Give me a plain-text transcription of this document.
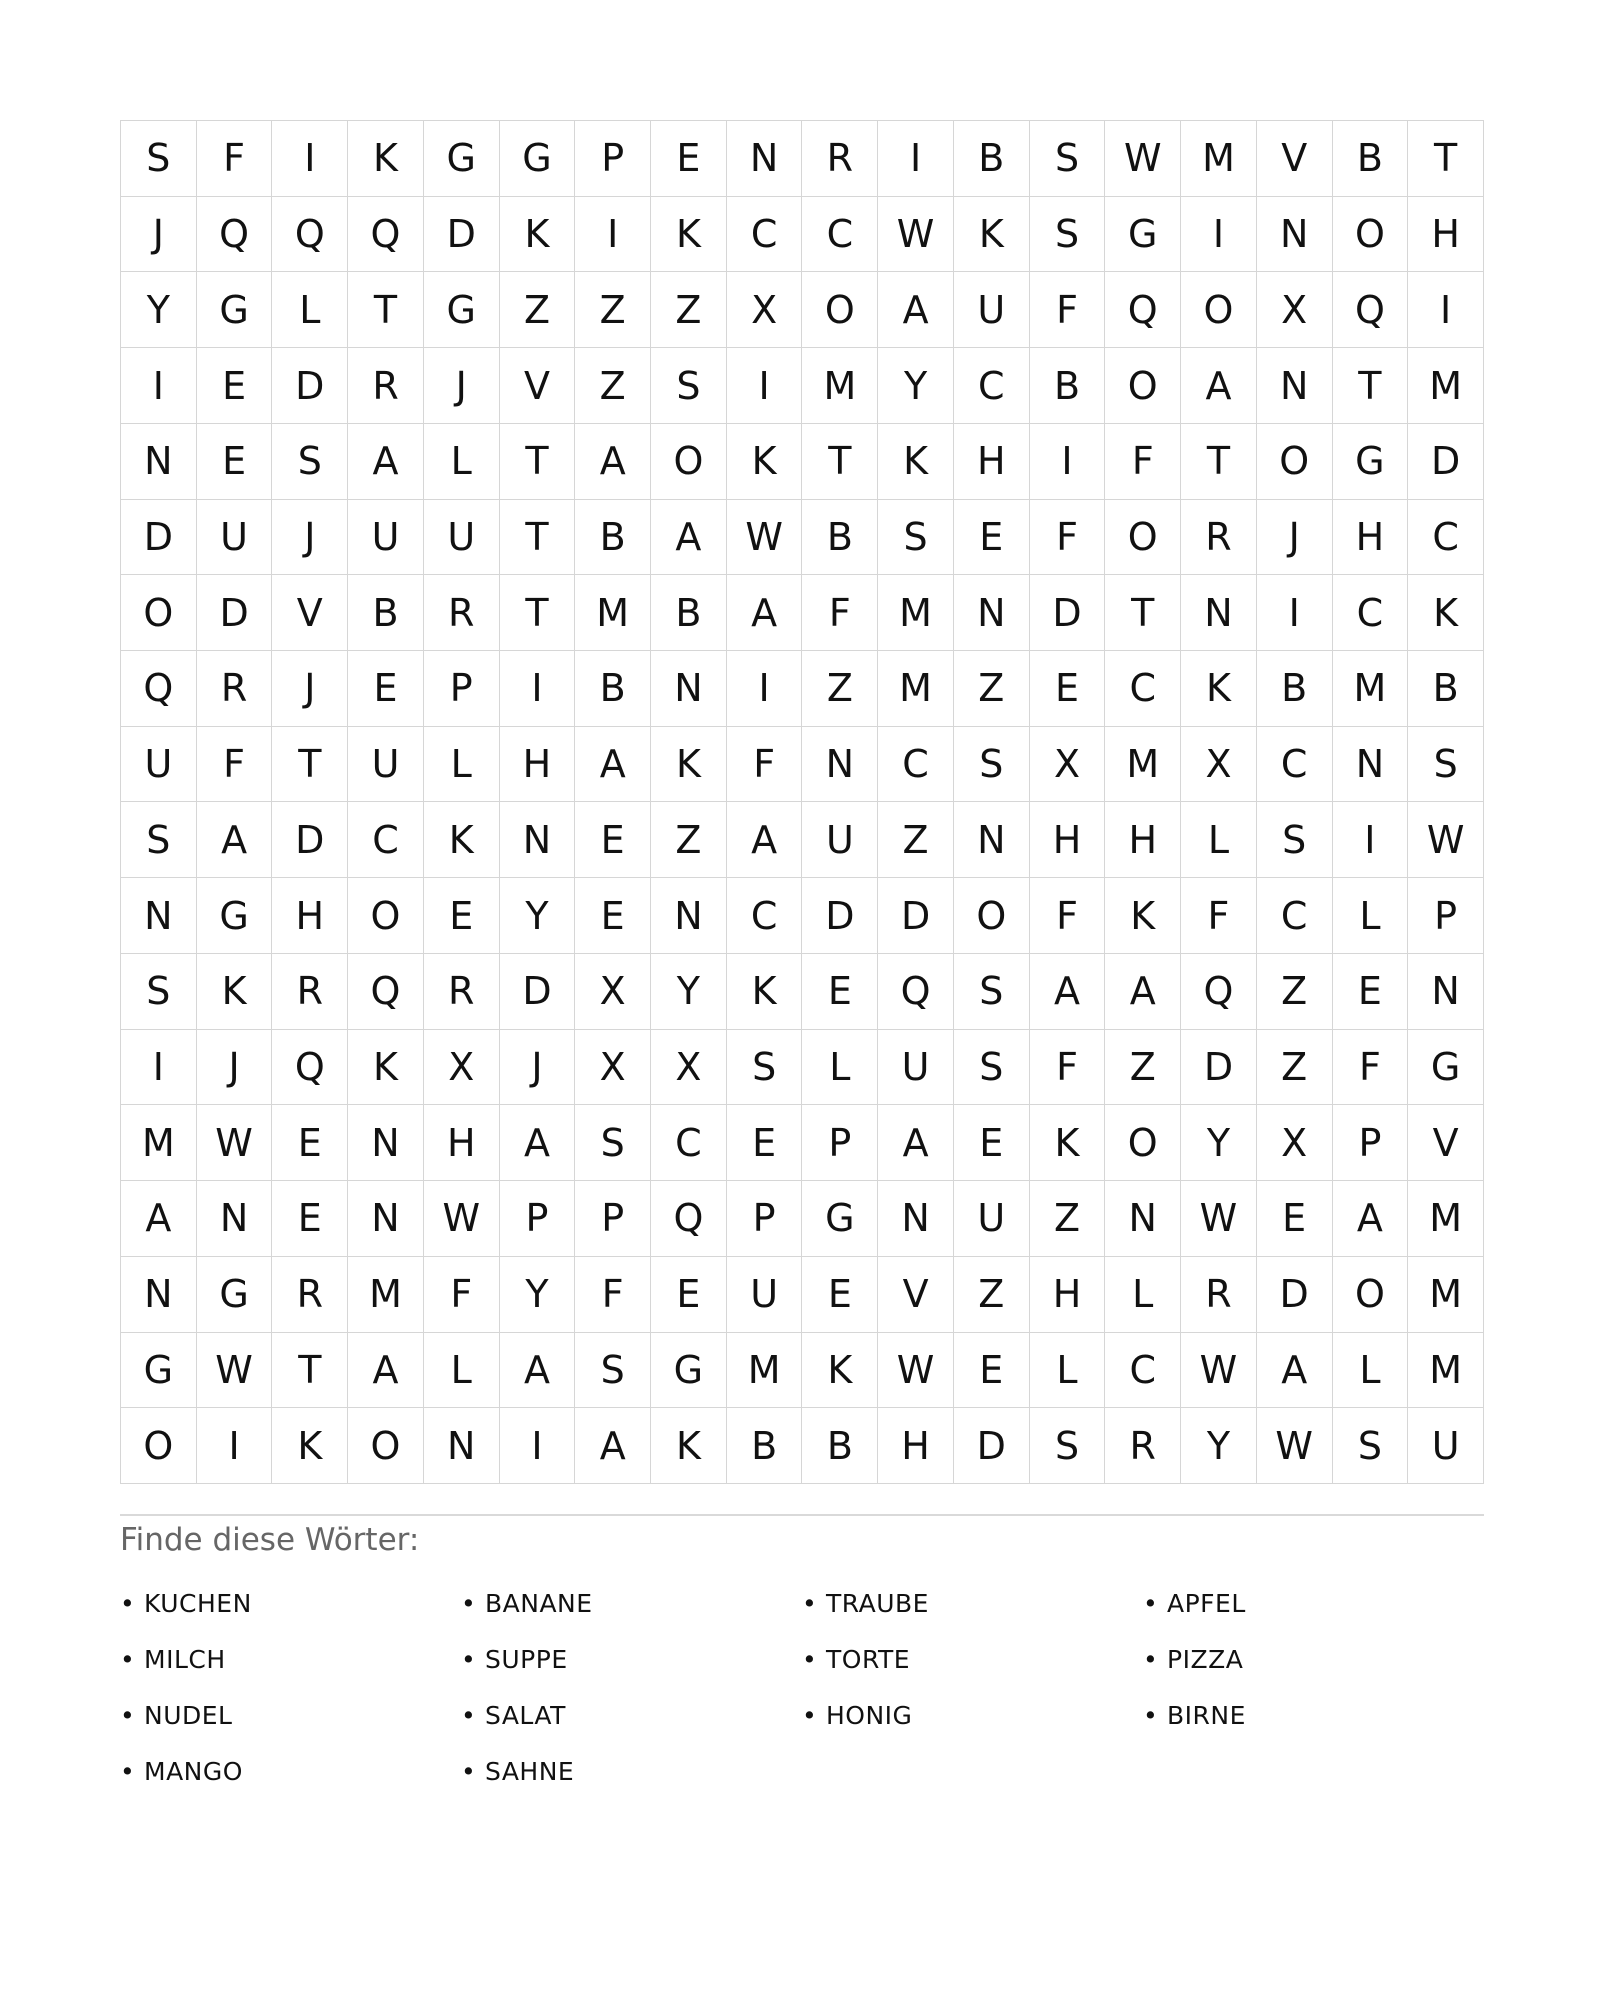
S	F	I	K	G	G	P	E	N	R	I	B	S	W	M	V	B	T
J	Q	Q	Q	D	K	I	K	C	C	W	K	S	G	I	N	O	H
Y	G	L	T	G	Z	Z	Z	X	O	A	U	F	Q	O	X	Q	I
I	E	D	R	J	V	Z	S	I	M	Y	C	B	O	A	N	T	M
N	E	S	A	L	T	A	O	K	T	K	H	I	F	T	O	G	D
D	U	J	U	U	T	B	A	W	B	S	E	F	O	R	J	H	C
O	D	V	B	R	T	M	B	A	F	M	N	D	T	N	I	C	K
Q	R	J	E	P	I	B	N	I	Z	M	Z	E	C	K	B	M	B
U	F	T	U	L	H	A	K	F	N	C	S	X	M	X	C	N	S
S	A	D	C	K	N	E	Z	A	U	Z	N	H	H	L	S	I	W
N	G	H	O	E	Y	E	N	C	D	D	O	F	K	F	C	L	P
S	K	R	Q	R	D	X	Y	K	E	Q	S	A	A	Q	Z	E	N
I	J	Q	K	X	J	X	X	S	L	U	S	F	Z	D	Z	F	G
M	W	E	N	H	A	S	C	E	P	A	E	K	O	Y	X	P	V
A	N	E	N	W	P	P	Q	P	G	N	U	Z	N	W	E	A	M
N	G	R	M	F	Y	F	E	U	E	V	Z	H	L	R	D	O	M
G	W	T	A	L	A	S	G	M	K	W	E	L	C	W	A	L	M
O	I	K	O	N	I	A	K	B	B	H	D	S	R	Y	W	S	U
Finde diese Wörter:
• KUCHEN	• BANANE	• TRAUBE	• APFEL
• MILCH	• SUPPE	• TORTE	• PIZZA
• NUDEL	• SALAT	• HONIG	• BIRNE
• MANGO	• SAHNE
